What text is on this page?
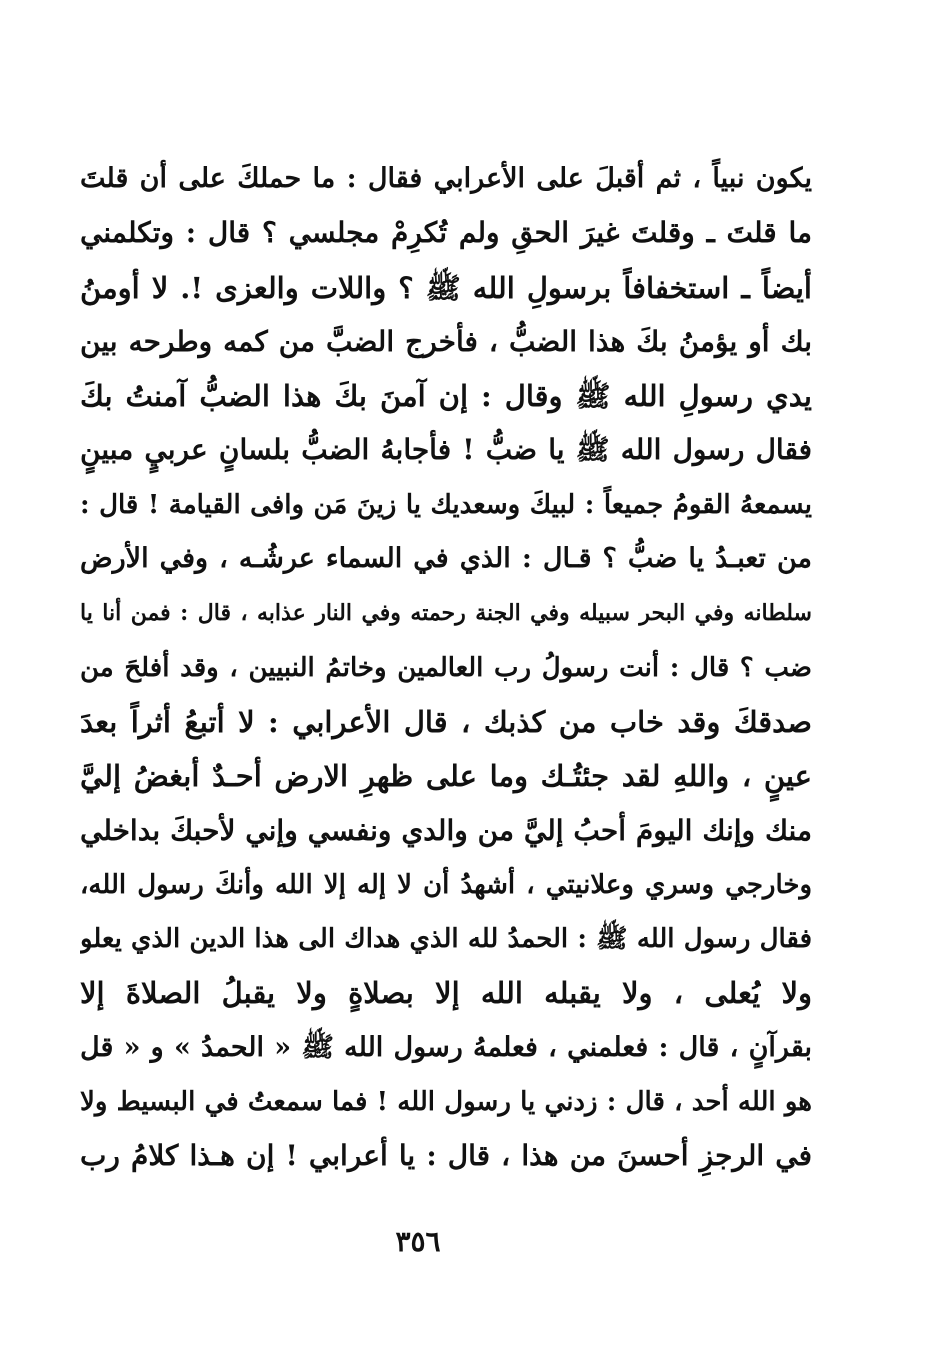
يكون نبياً ، ثم أقبلَ على الأعرابي فقال : ما حملكَ على أن قلتَ
ما قلتَ ـ وقلتَ غيرَ الحقِ ولم تُكرِمْ مجلسي ؟ قال : وتكلمني
أيضاً ـ استخفافاً برسولِ الله ﷺ ؟ واللات والعزى !. لا أومنُ
بك أو يؤمنُ بكَ هذا الضبُّ ، فأخرج الضبَّ من كمه وطرحه بين
يدي رسولِ الله ﷺ وقال : إن آمنَ بكَ هذا الضبُّ آمنتُ بكَ
فقال رسول الله ﷺ يا ضبُّ ! فأجابهُ الضبُّ بلسانٍ عربيٍ مبينٍ
يسمعهُ القومُ جميعاً : لبيكَ وسعديك يا زينَ مَن وافى القيامة ! قال :
من تعبـدُ يا ضبُّ ؟ قـال : الذي في السماء عرشُـه ، وفي الأرض
سلطانه وفي البحر سبيله وفي الجنة رحمته وفي النار عذابه ، قال : فمن أنا يا
ضب ؟ قال : أنت رسولُ رب العالمين وخاتمُ النبيين ، وقد أفلحَ من
صدقكَ وقد خاب من كذبك ، قال الأعرابي : لا أتبعُ أثراً بعدَ
عينٍ ، واللهِ لقد جئتُـك وما على ظهرِ الارض أحـدٌ أبغضُ إليَّ
منك وإنك اليومَ أحبُ إليَّ من والدي ونفسي وإني لأحبكَ بداخلي
وخارجي وسري وعلانيتي ، أشهدُ أن لا إله إلا الله وأنكَ رسول الله،
فقال رسول الله ﷺ : الحمدُ لله الذي هداك الى هذا الدين الذي يعلو
ولا يُعلى ، ولا يقبله الله إلا بصلاةٍ ولا يقبلُ الصلاةَ إلا
بقرآنٍ ، قال : فعلمني ، فعلمهُ رسول الله ﷺ « الحمدُ » و « قل
هو الله أحد ، قال : زدني يا رسول الله ! فما سمعتُ في البسيط ولا
في الرجزِ أحسنَ من هذا ، قال : يا أعرابي ! إن هـذا كلامُ رب
٣٥٦
